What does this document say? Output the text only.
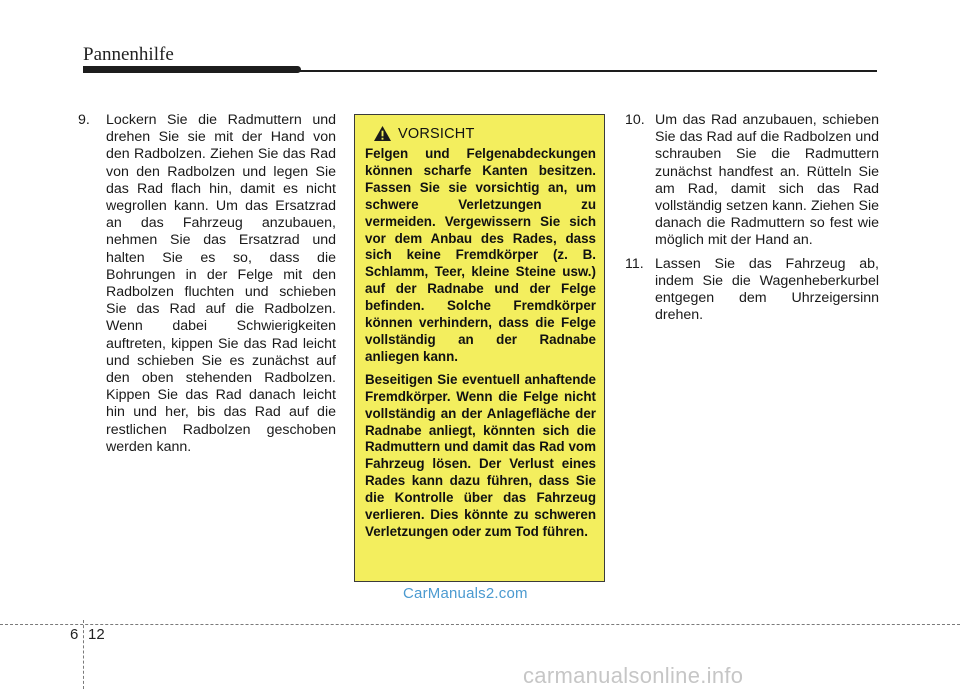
Pannenhilfe
9.	Lockern Sie die Radmuttern und drehen Sie sie mit der Hand von den Radbolzen. Ziehen Sie das Rad von den Radbolzen und legen Sie das Rad flach hin, damit es nicht wegrollen kann. Um das Ersatzrad an das Fahrzeug anzubauen, nehmen Sie das Ersatzrad und halten Sie es so, dass die Bohrungen in der Felge mit den Radbolzen fluchten und schieben Sie das Rad auf die Radbolzen. Wenn dabei Schwierigkeiten auftreten, kippen Sie das Rad leicht und schieben Sie es zunächst auf den oben stehenden Radbolzen. Kippen Sie das Rad danach leicht hin und her, bis das Rad auf die restlichen Radbolzen geschoben werden kann.
VORSICHT

Felgen und Felgenabdeckungen können scharfe Kanten besitzen. Fassen Sie sie vorsichtig an, um schwere Verletzungen zu vermeiden. Vergewissern Sie sich vor dem Anbau des Rades, dass sich keine Fremdkörper (z. B. Schlamm, Teer, kleine Steine usw.) auf der Radnabe und der Felge befinden. Solche Fremdkörper können verhindern, dass die Felge vollständig an der Radnabe anliegen kann.

Beseitigen Sie eventuell anhaftende Fremdkörper. Wenn die Felge nicht vollständig an der Anlagefläche der Radnabe anliegt, könnten sich die Radmuttern und damit das Rad vom Fahrzeug lösen. Der Verlust eines Rades kann dazu führen, dass Sie die Kontrolle über das Fahrzeug verlieren. Dies könnte zu schweren Verletzungen oder zum Tod führen.

10. Um das Rad anzubauen, schieben Sie das Rad auf die Radbolzen und schrauben Sie die Radmuttern zunächst handfest an. Rütteln Sie am Rad, damit sich das Rad vollständig setzen kann. Ziehen Sie danach die Radmuttern so fest wie möglich mit der Hand an.
11. Lassen Sie das Fahrzeug ab, indem Sie die Wagenheberkurbel entgegen dem Uhrzeigersinn drehen.
CarManuals2.com
6 12
carmanualsonline.info
